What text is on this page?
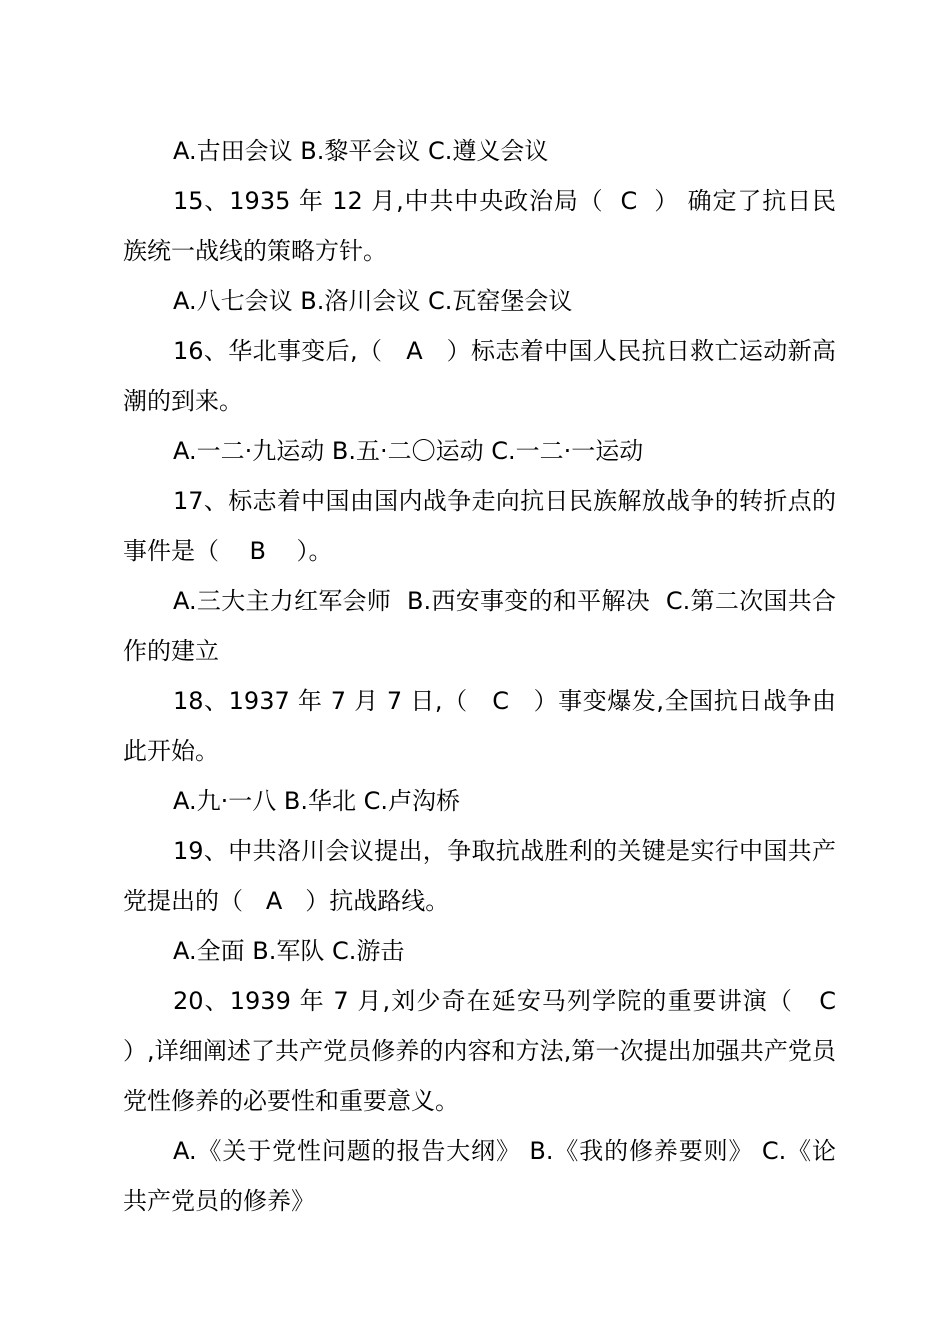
A.古田会议 B.黎平会议 C.遵义会议

15、1935 年 12 月,中共中央政治局（  C  ） 确定了抗日民族统一战线的策略方针。

A.八七会议 B.洛川会议 C.瓦窑堡会议

16、华北事变后,（   A   ）标志着中国人民抗日救亡运动新高潮的到来。

A.一二·九运动 B.五·二〇运动 C.一二·一运动

17、标志着中国由国内战争走向抗日民族解放战争的转折点的事件是（    B    ）。

A.三大主力红军会师  B.西安事变的和平解决  C.第二次国共合作的建立

18、1937 年 7 月 7 日,（   C   ）事变爆发,全国抗日战争由此开始。

A.九·一八 B.华北 C.卢沟桥

19、中共洛川会议提出，争取抗战胜利的关键是实行中国共产党提出的（   A   ）抗战路线。

A.全面 B.军队 C.游击

20、1939 年 7 月,刘少奇在延安马列学院的重要讲演（   C ）,详细阐述了共产党员修养的内容和方法,第一次提出加强共产党员党性修养的必要性和重要意义。

A.《关于党性问题的报告大纲》 B.《我的修养要则》 C.《论共产党员的修养》
